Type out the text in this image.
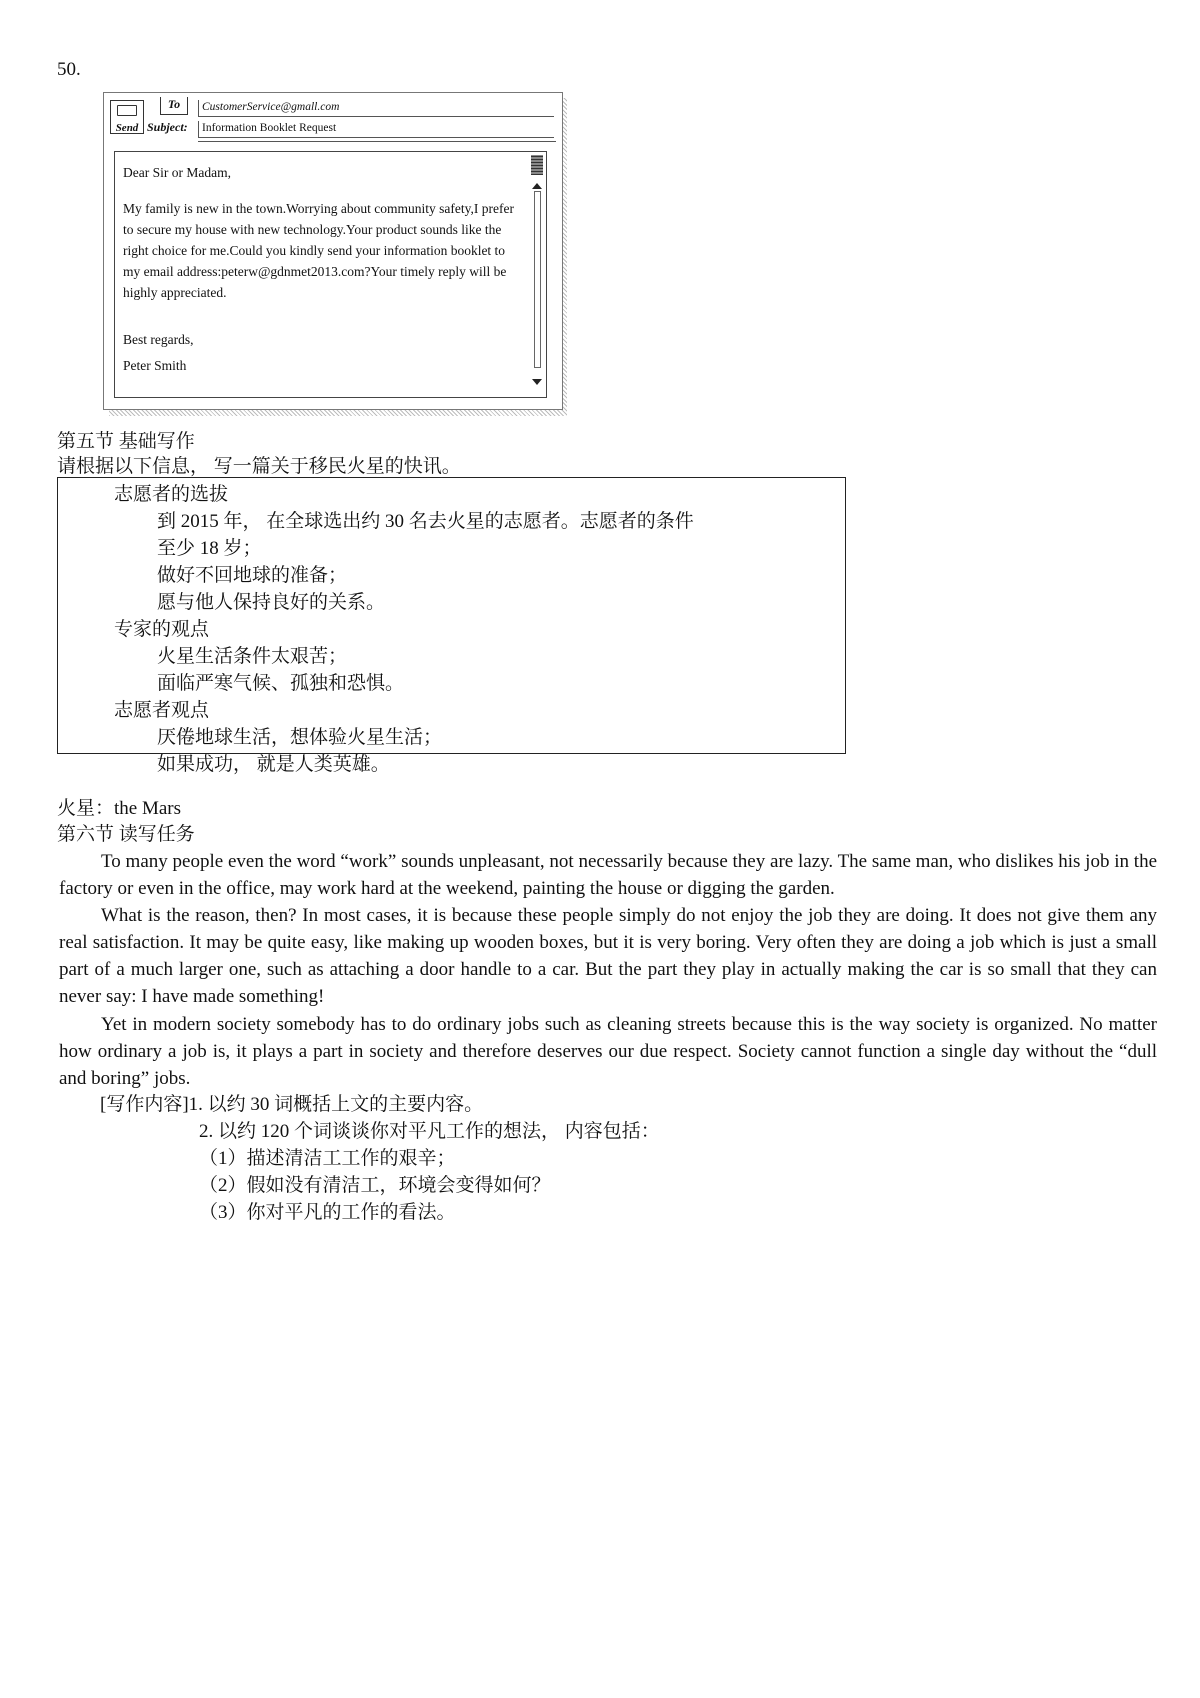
50.
Send
To	CustomerService@gmall.com
Subject:	Information Booklet Request
Dear Sir or Madam,
My family is new in the town.Worrying about community safety,I prefer
to secure my house with new technology.Your product sounds like the
right choice for me.Could you kindly send your information booklet to
my email address:peterw@gdnmet2013.com?Your timely reply will be
highly appreciated.
Best regards,
Peter Smith
第五节 基础写作
请根据以下信息， 写一篇关于移民火星的快讯。
志愿者的选拔
到 2015 年， 在全球选出约 30 名去火星的志愿者。志愿者的条件
至少 18 岁；
做好不回地球的准备；
愿与他人保持良好的关系。
专家的观点
火星生活条件太艰苦；
面临严寒气候、孤独和恐惧。
志愿者观点
厌倦地球生活，想体验火星生活；
如果成功， 就是人类英雄。
火星：the Mars
第六节 读写任务
To many people even the word “work” sounds unpleasant, not necessarily because they are lazy. The same man, who dislikes his job in the factory or even in the office, may work hard at the weekend, painting the house or digging the garden.
What is the reason, then? In most cases, it is because these people simply do not enjoy the job they are doing. It does not give them any real satisfaction. It may be quite easy, like making up wooden boxes, but it is very boring. Very often they are doing a job which is just a small part of a much larger one, such as attaching a door handle to a car. But the part they play in actually making the car is so small that they can never say: I have made something!
Yet in modern society somebody has to do ordinary jobs such as cleaning streets because this is the way society is organized. No matter how ordinary a job is, it plays a part in society and therefore deserves our due respect. Society cannot function a single day without the “dull and boring” jobs.
[写作内容]1. 以约 30 词概括上文的主要内容。
2. 以约 120 个词谈谈你对平凡工作的想法， 内容包括：
（1）描述清洁工工作的艰辛；
（2）假如没有清洁工，环境会变得如何？
（3）你对平凡的工作的看法。
